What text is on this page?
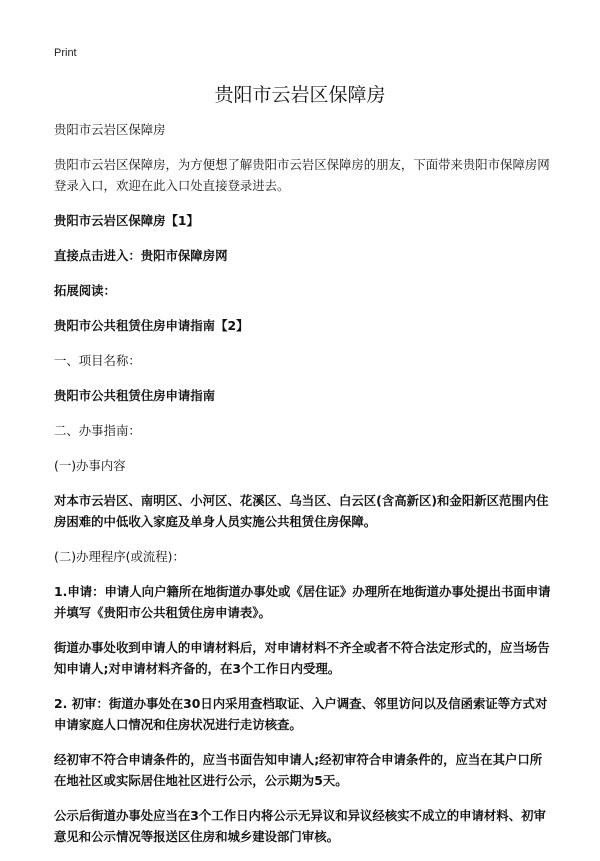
Print
贵阳市云岩区保障房

贵阳市云岩区保障房

贵阳市云岩区保障房，为方便想了解贵阳市云岩区保障房的朋友，下面带来贵阳市保障房网登录入口，欢迎在此入口处直接登录进去。

贵阳市云岩区保障房【1】

直接点击进入：贵阳市保障房网

拓展阅读：

贵阳市公共租赁住房申请指南【2】

一、项目名称：

贵阳市公共租赁住房申请指南

二、办事指南：

(一)办事内容

对本市云岩区、南明区、小河区、花溪区、乌当区、白云区(含高新区)和金阳新区范围内住房困难的中低收入家庭及单身人员实施公共租赁住房保障。

(二)办理程序(或流程)：

1.申请：申请人向户籍所在地街道办事处或《居住证》办理所在地街道办事处提出书面申请并填写《贵阳市公共租赁住房申请表》。

街道办事处收到申请人的申请材料后，对申请材料不齐全或者不符合法定形式的，应当场告知申请人;对申请材料齐备的，在3个工作日内受理。

2. 初审：街道办事处在30日内采用查档取证、入户调查、邻里访问以及信函索证等方式对申请家庭人口情况和住房状况进行走访核查。

经初审不符合申请条件的，应当书面告知申请人;经初审符合申请条件的，应当在其户口所在地社区或实际居住地社区进行公示，公示期为5天。

公示后街道办事处应当在3个工作日内将公示无异议和异议经核实不成立的申请材料、初审意见和公示情况等报送区住房和城乡建设部门审核。
